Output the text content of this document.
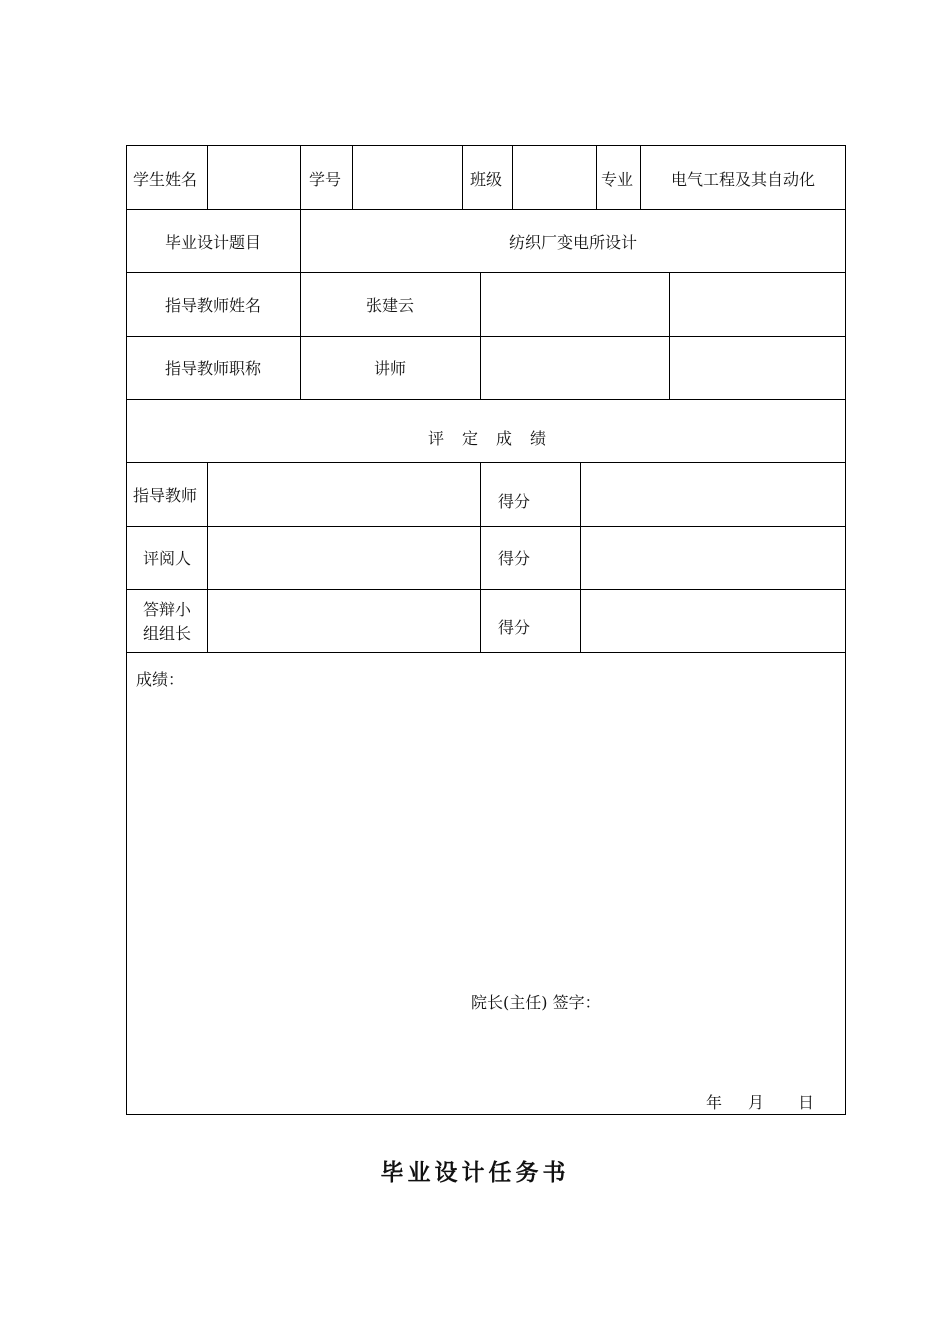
学生姓名	学号	班级	专业 电气工程及其自动化
毕业设计题目	纺织厂变电所设计
指导教师姓名	张建云
指导教师职称	讲师
评定成绩
指导教师	得分
评阅人	得分
答辩小
组组长	得分
成绩：
院长(主任) 签字：
年 月 日
毕业设计任务书
